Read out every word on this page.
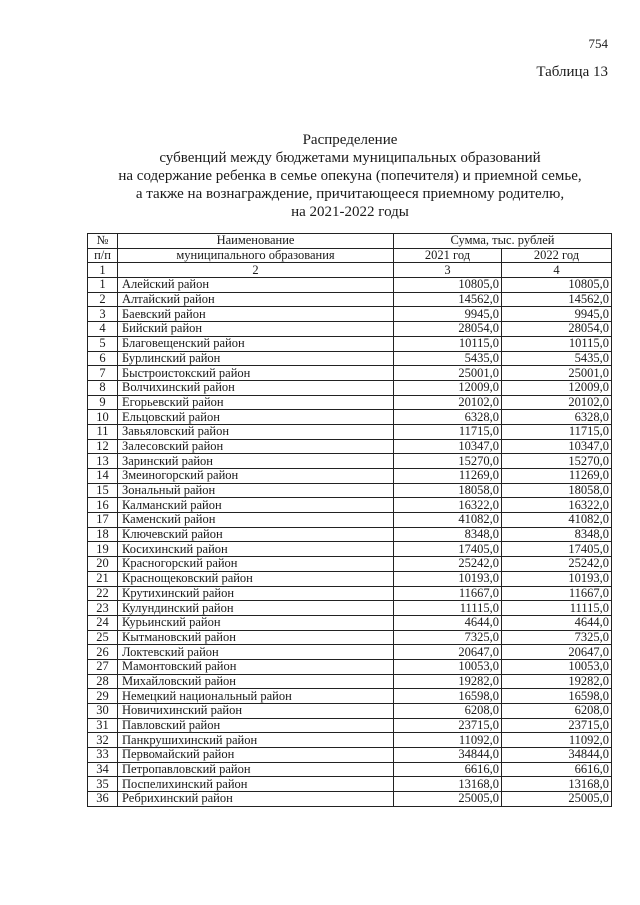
754
Таблица 13
Распределение
субвенций между бюджетами муниципальных образований
на содержание ребенка в семье опекуна (попечителя) и приемной семье,
а также на вознаграждение, причитающееся приемному родителю,
на 2021-2022 годы
№	Наименование	Сумма, тыс. рублей	
п/п	муниципального образования	2021 год	2022 год
1	2	3	4
1	Алейский район	10805,0	10805,0
2	Алтайский район	14562,0	14562,0
3	Баевский район	9945,0	9945,0
4	Бийский район	28054,0	28054,0
5	Благовещенский район	10115,0	10115,0
6	Бурлинский район	5435,0	5435,0
7	Быстроистокский район	25001,0	25001,0
8	Волчихинский район	12009,0	12009,0
9	Егорьевский район	20102,0	20102,0
10	Ельцовский район	6328,0	6328,0
11	Завьяловский район	11715,0	11715,0
12	Залесовский район	10347,0	10347,0
13	Заринский район	15270,0	15270,0
14	Змеиногорский район	11269,0	11269,0
15	Зональный район	18058,0	18058,0
16	Калманский район	16322,0	16322,0
17	Каменский район	41082,0	41082,0
18	Ключевский район	8348,0	8348,0
19	Косихинский район	17405,0	17405,0
20	Красногорский район	25242,0	25242,0
21	Краснощековский район	10193,0	10193,0
22	Крутихинский район	11667,0	11667,0
23	Кулундинский район	11115,0	11115,0
24	Курьинский район	4644,0	4644,0
25	Кытмановский район	7325,0	7325,0
26	Локтевский район	20647,0	20647,0
27	Мамонтовский район	10053,0	10053,0
28	Михайловский район	19282,0	19282,0
29	Немецкий национальный район	16598,0	16598,0
30	Новичихинский район	6208,0	6208,0
31	Павловский район	23715,0	23715,0
32	Панкрушихинский район	11092,0	11092,0
33	Первомайский район	34844,0	34844,0
34	Петропавловский район	6616,0	6616,0
35	Поспелихинский район	13168,0	13168,0
36	Ребрихинский район	25005,0	25005,0
